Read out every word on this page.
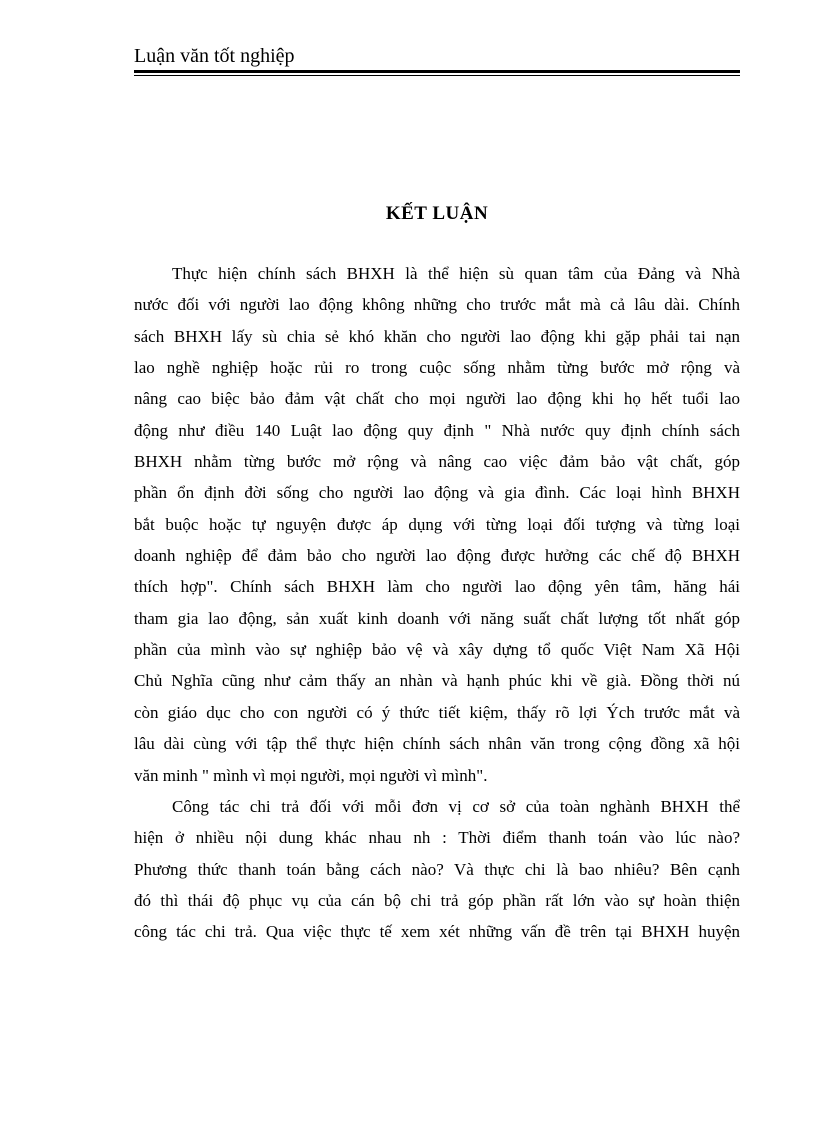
Luận văn tốt nghiệp
KẾT LUẬN
Thực hiện chính sách BHXH là thể hiện sù quan tâm của Đảng và Nhà
nước đối với người lao động không những cho trước mắt mà cả lâu dài. Chính
sách BHXH lấy sù chia sẻ khó khăn cho người lao động khi gặp phải tai nạn
lao nghề nghiệp hoặc rủi ro trong cuộc sống nhằm từng bước mở rộng và
nâng cao biệc bảo đảm vật chất cho mọi người lao động khi họ hết tuổi lao
động như điều 140 Luật lao động quy định " Nhà nước quy định chính sách
BHXH nhằm từng bước mở rộng và nâng cao việc đảm bảo vật chất, góp
phần ổn định đời sống cho người lao động và gia đình. Các loại hình BHXH
bắt buộc hoặc tự nguyện được áp dụng với từng loại đối tượng và từng loại
doanh nghiệp để đảm bảo cho người lao động được hưởng các chế độ BHXH
thích hợp". Chính sách BHXH làm cho người lao động yên tâm, hăng hái
tham gia lao động, sản xuất kinh doanh với năng suất chất lượng tốt nhất góp
phần của mình vào sự nghiệp bảo vệ và xây dựng tổ quốc Việt Nam Xã Hội
Chủ Nghĩa cũng như cảm thấy an nhàn và hạnh phúc khi về già. Đồng thời nú
còn giáo dục cho con người có ý thức tiết kiệm, thấy rõ lợi Ých trước mắt và
lâu dài cùng với tập thể thực hiện chính sách nhân văn trong cộng đồng xã hội
văn minh " mình vì mọi người, mọi người vì mình".
Công tác chi trả đối với mỗi đơn vị cơ sở của toàn nghành BHXH thể
hiện ở nhiều nội dung khác nhau nh : Thời điểm thanh toán vào lúc nào?
Phương thức thanh toán bằng cách nào? Và thực chi là bao nhiêu? Bên cạnh
đó thì thái độ phục vụ của cán bộ chi trả góp phần rất lớn vào sự hoàn thiện
công tác chi trả. Qua việc thực tế xem xét những vấn đề trên tại BHXH huyện
